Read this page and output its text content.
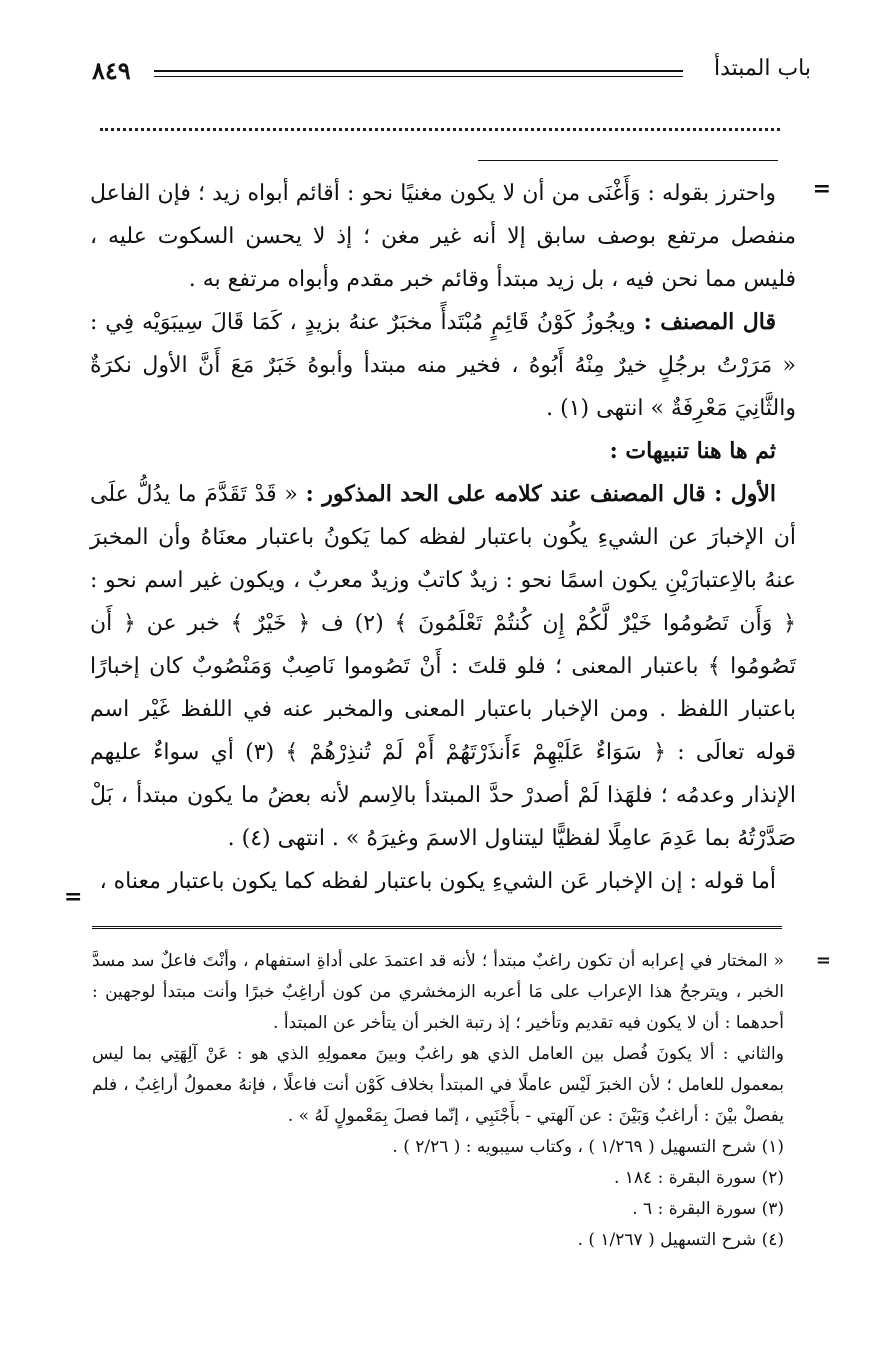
٨٤٩	باب المبتدأ
=

واحترز بقوله : وَأَغْنَى من أن لا يكون مغنيًا نحو : أقائم أبواه زيد ؛ فإن الفاعل منفصل مرتفع بوصف سابق إلا أنه غير مغن ؛ إذ لا يحسن السكوت عليه ، فليس مما نحن فيه ، بل زيد مبتدأ وقائم خبر مقدم وأبواه مرتفع به .

قال المصنف : ويجُوزُ كَوْنُ قَائِمٍ مُبْتَدأً مخبَرٌ عنهُ بزيدٍ ، كَمَا قَالَ سِيبَوَيْه فِي : « مَرَرْتُ برجُلٍ خيرٌ مِنْهُ أَبُوهُ ، فخير منه مبتدأ وأبوهُ خَبَرٌ مَعَ أَنَّ الأول نكرَةٌ والثَّانِيَ مَعْرِفَةٌ » انتهى (١) .

ثم ها هنا تنبيهات :

الأول : قال المصنف عند كلامه على الحد المذكور : « قَدْ تَقَدَّمَ ما يدُلُّ علَى أن الإخبارَ عن الشيءِ يكُون باعتبار لفظه كما يَكونُ باعتبار معنَاهُ وأن المخبرَ عنهُ بالاِعتبارَيْنِ يكون اسمًا نحو : زيدٌ كاتبٌ وزيدٌ معربٌ ، ويكون غير اسم نحو : ﴿ وَأَن تَصُومُوا خَيْرٌ لَّكُمْ إِن كُنتُمْ تَعْلَمُونَ ﴾ (٢) ف ﴿ خَيْرٌ ﴾ خبر عن ﴿ أَن تَصُومُوا ﴾ باعتبار المعنى ؛ فلو قلتَ : أَنْ تَصُوموا نَاصِبٌ وَمَنْصُوبٌ كان إخبارًا باعتبار اللفظ . ومن الإخبار باعتبار المعنى والمخبر عنه في اللفظ غَيْر اسم قوله تعالَى : ﴿ سَوَاءٌ عَلَيْهِمْ ءَأَنذَرْتَهُمْ أَمْ لَمْ تُنذِرْهُمْ ﴾ (٣) أي سواءٌ عليهم الإنذار وعدمُه ؛ فلهَذا لَمْ أصدرْ حدَّ المبتدأ بالاِسم لأنه بعضُ ما يكون مبتدأ ، بَلْ صَدَّرْتُهُ بما عَدِمَ عامِلًا لفظيًّا ليتناول الاسمَ وغيرَهُ » . انتهى (٤) .

أما قوله : إن الإخبار عَن الشيءِ يكون باعتبار لفظه كما يكون باعتبار معناه ،

=
=

« المختار في إعرابه أن تكون راغبٌ مبتدأ ؛ لأنه قد اعتمدَ على أداةِ استفهام ، وأنْتَ فاعلٌ سد مسدَّ الخبر ، ويترجحُ هذا الإعراب على مَا أعربه الزمخشري من كون أراغِبٌ خبرًا وأنت مبتدأ لوجهين : أحدهما : أن لا يكون فيه تقديم وتأخير ؛ إذ رتبة الخبر أن يتأخر عن المبتدأ .

والثاني : ألا يكونَ فُصل بين العامل الذي هو راغبٌ وبينَ معمولِهِ الذي هو : عَنْ آلِهَتِي بما ليس بمعمول للعامل ؛ لأن الخبرَ لَيْس عاملًا في المبتدأ بخلاف كَوْن أنت فاعلًا ، فإنهُ معمولُ أراغِبٌ ، فلم يفصلْ بيْنَ : أراغبٌ وَبَيْنَ : عن آلهتي - بأَجْنَبِي ، إنّما فصلَ بِمَعْمولٍ لَهُ » .

(١) شرح التسهيل ( ١/٢٦٩ ) ، وكتاب سيبويه : ( ٢/٢٦ ) .

(٢) سورة البقرة : ١٨٤ .

(٣) سورة البقرة : ٦ .

(٤) شرح التسهيل ( ١/٢٦٧ ) .
